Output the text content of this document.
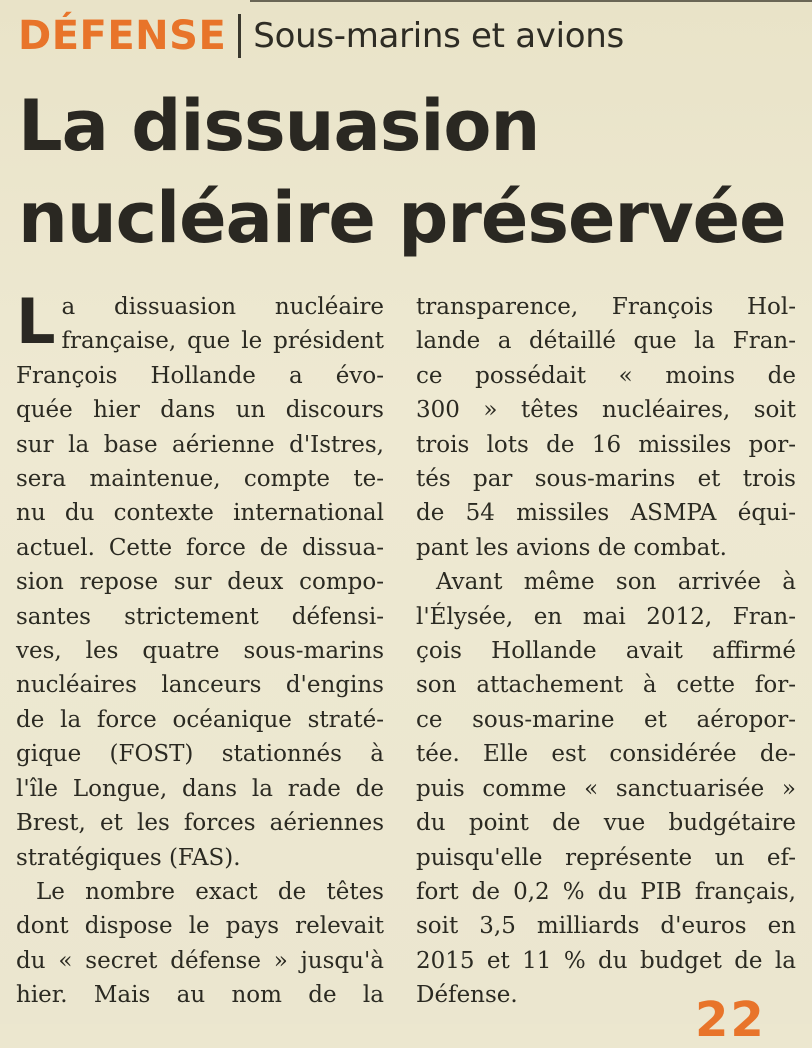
DÉFENSE Sous-marins et avions
La dissuasion
nucléaire préservée
L a dissuasion nucléaire
française, que le président
François Hollande a évo-
quée hier dans un discours
sur la base aérienne d'Istres,
sera maintenue, compte te-
nu du contexte international
actuel. Cette force de dissua-
sion repose sur deux compo-
santes strictement défensi-
ves, les quatre sous-marins
nucléaires lanceurs d'engins
de la force océanique straté-
gique (FOST) stationnés à
l'île Longue, dans la rade de
Brest, et les forces aériennes
stratégiques (FAS).
Le nombre exact de têtes
dont dispose le pays relevait
du « secret défense » jusqu'à
hier. Mais au nom de la
transparence, François Hol-
lande a détaillé que la Fran-
ce possédait « moins de
300 » têtes nucléaires, soit
trois lots de 16 missiles por-
tés par sous-marins et trois
de 54 missiles ASMPA équi-
pant les avions de combat.
Avant même son arrivée à
l'Élysée, en mai 2012, Fran-
çois Hollande avait affirmé
son attachement à cette for-
ce sous-marine et aéropor-
tée. Elle est considérée de-
puis comme « sanctuarisée »
du point de vue budgétaire
puisqu'elle représente un ef-
fort de 0,2 % du PIB français,
soit 3,5 milliards d'euros en
2015 et 11 % du budget de la
Défense.	22
